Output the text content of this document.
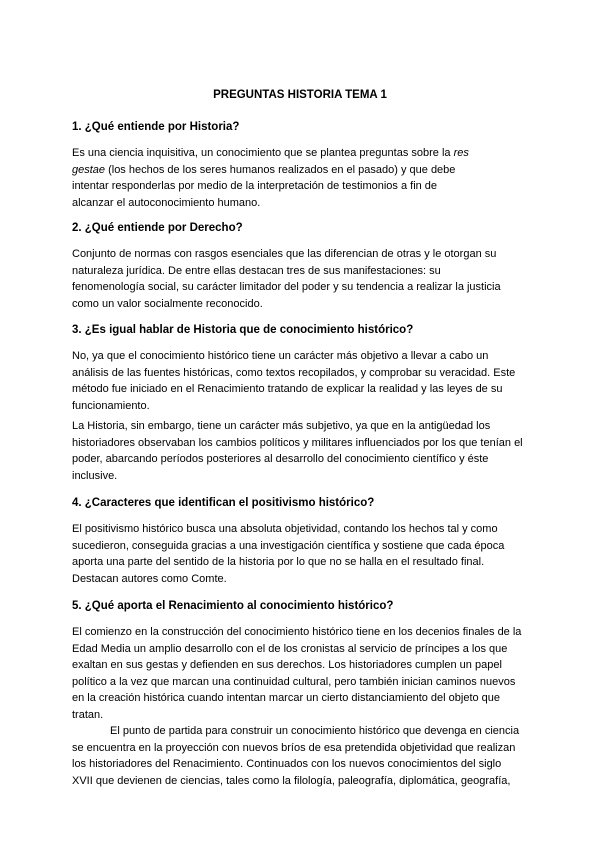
PREGUNTAS HISTORIA TEMA 1
1. ¿Qué entiende por Historia?
Es una ciencia inquisitiva, un conocimiento que se plantea preguntas sobre la res
gestae (los hechos de los seres humanos realizados en el pasado) y que debe
intentar responderlas por medio de la interpretación de testimonios a fin de
alcanzar el autoconocimiento humano.
2. ¿Qué entiende por Derecho?
Conjunto de normas con rasgos esenciales que las diferencian de otras y le otorgan su
naturaleza jurídica. De entre ellas destacan tres de sus manifestaciones: su
fenomenología social, su carácter limitador del poder y su tendencia a realizar la justicia
como un valor socialmente reconocido.
3. ¿Es igual hablar de Historia que de conocimiento histórico?
No, ya que el conocimiento histórico tiene un carácter más objetivo a llevar a cabo un
análisis de las fuentes históricas, como textos recopilados, y comprobar su veracidad. Este
método fue iniciado en el Renacimiento tratando de explicar la realidad y las leyes de su
funcionamiento.
La Historia, sin embargo, tiene un carácter más subjetivo, ya que en la antigüedad los
historiadores observaban los cambios políticos y militares influenciados por los que tenían el
poder, abarcando períodos posteriores al desarrollo del conocimiento científico y éste
inclusive.
4. ¿Caracteres que identifican el positivismo histórico?
El positivismo histórico busca una absoluta objetividad, contando los hechos tal y como
sucedieron, conseguida gracias a una investigación científica y sostiene que cada época
aporta una parte del sentido de la historia por lo que no se halla en el resultado final.
Destacan autores como Comte.
5. ¿Qué aporta el Renacimiento al conocimiento histórico?
El comienzo en la construcción del conocimiento histórico tiene en los decenios finales de la
Edad Media un amplio desarrollo con el de los cronistas al servicio de príncipes a los que
exaltan en sus gestas y defienden en sus derechos. Los historiadores cumplen un papel
político a la vez que marcan una continuidad cultural, pero también inician caminos nuevos
en la creación histórica cuando intentan marcar un cierto distanciamiento del objeto que
tratan.
El punto de partida para construir un conocimiento histórico que devenga en ciencia
se encuentra en la proyección con nuevos bríos de esa pretendida objetividad que realizan
los historiadores del Renacimiento. Continuados con los nuevos conocimientos del siglo
XVII que devienen de ciencias, tales como la filología, paleografía, diplomática, geografía,
